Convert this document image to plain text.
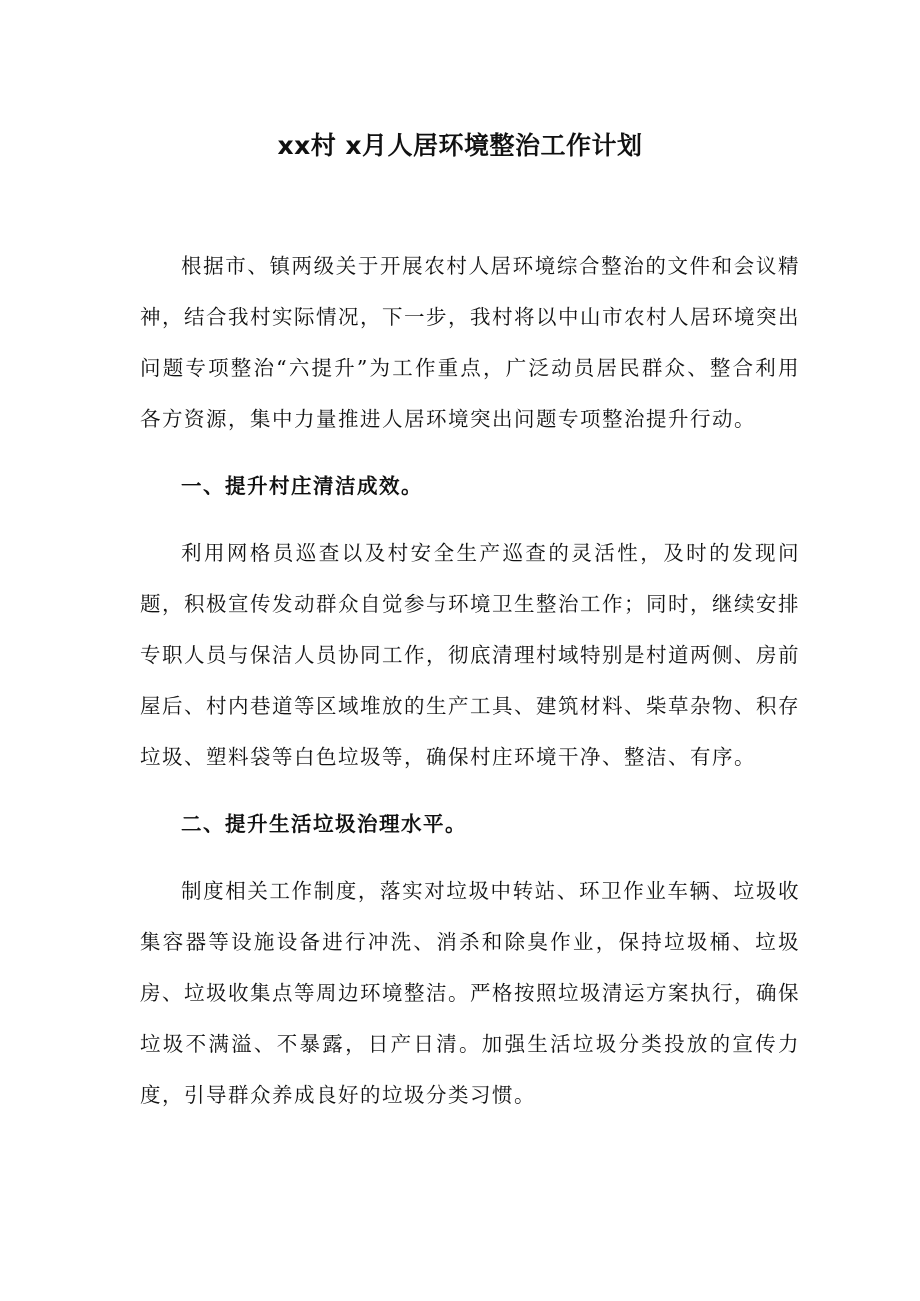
xx村 x月人居环境整治工作计划

根据市、镇两级关于开展农村人居环境综合整治的文件和会议精神，结合我村实际情况，下一步，我村将以中山市农村人居环境突出问题专项整治“六提升”为工作重点，广泛动员居民群众、整合利用各方资源，集中力量推进人居环境突出问题专项整治提升行动。

一、提升村庄清洁成效。

利用网格员巡查以及村安全生产巡查的灵活性，及时的发现问题，积极宣传发动群众自觉参与环境卫生整治工作；同时，继续安排专职人员与保洁人员协同工作，彻底清理村域特别是村道两侧、房前屋后、村内巷道等区域堆放的生产工具、建筑材料、柴草杂物、积存垃圾、塑料袋等白色垃圾等，确保村庄环境干净、整洁、有序。

二、提升生活垃圾治理水平。

制度相关工作制度，落实对垃圾中转站、环卫作业车辆、垃圾收集容器等设施设备进行冲洗、消杀和除臭作业，保持垃圾桶、垃圾房、垃圾收集点等周边环境整洁。严格按照垃圾清运方案执行，确保垃圾不满溢、不暴露，日产日清。加强生活垃圾分类投放的宣传力度，引导群众养成良好的垃圾分类习惯。
